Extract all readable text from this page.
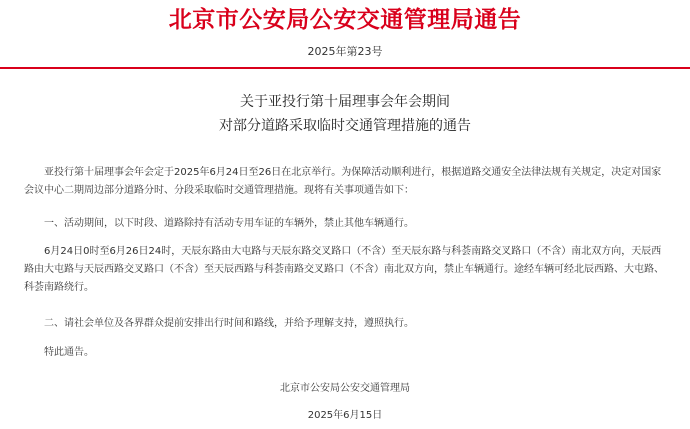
北京市公安局公安交通管理局通告
2025年第23号
关于亚投行第十届理事会年会期间
对部分道路采取临时交通管理措施的通告

亚投行第十届理事会年会定于2025年6月24日至26日在北京举行。为保障活动顺利进行，根据道路交通安全法律法规有关规定，决定对国家会议中心二期周边部分道路分时、分段采取临时交通管理措施。现将有关事项通告如下：

一、活动期间，以下时段、道路除持有活动专用车证的车辆外，禁止其他车辆通行。

6月24日0时至6月26日24时，天辰东路由大屯路与天辰东路交叉路口（不含）至天辰东路与科荟南路交叉路口（不含）南北双方向，天辰西路由大屯路与天辰西路交叉路口（不含）至天辰西路与科荟南路交叉路口（不含）南北双方向，禁止车辆通行。途经车辆可经北辰西路、大屯路、科荟南路绕行。

二、请社会单位及各界群众提前安排出行时间和路线，并给予理解支持，遵照执行。

特此通告。

北京市公安局公安交通管理局
2025年6月15日
